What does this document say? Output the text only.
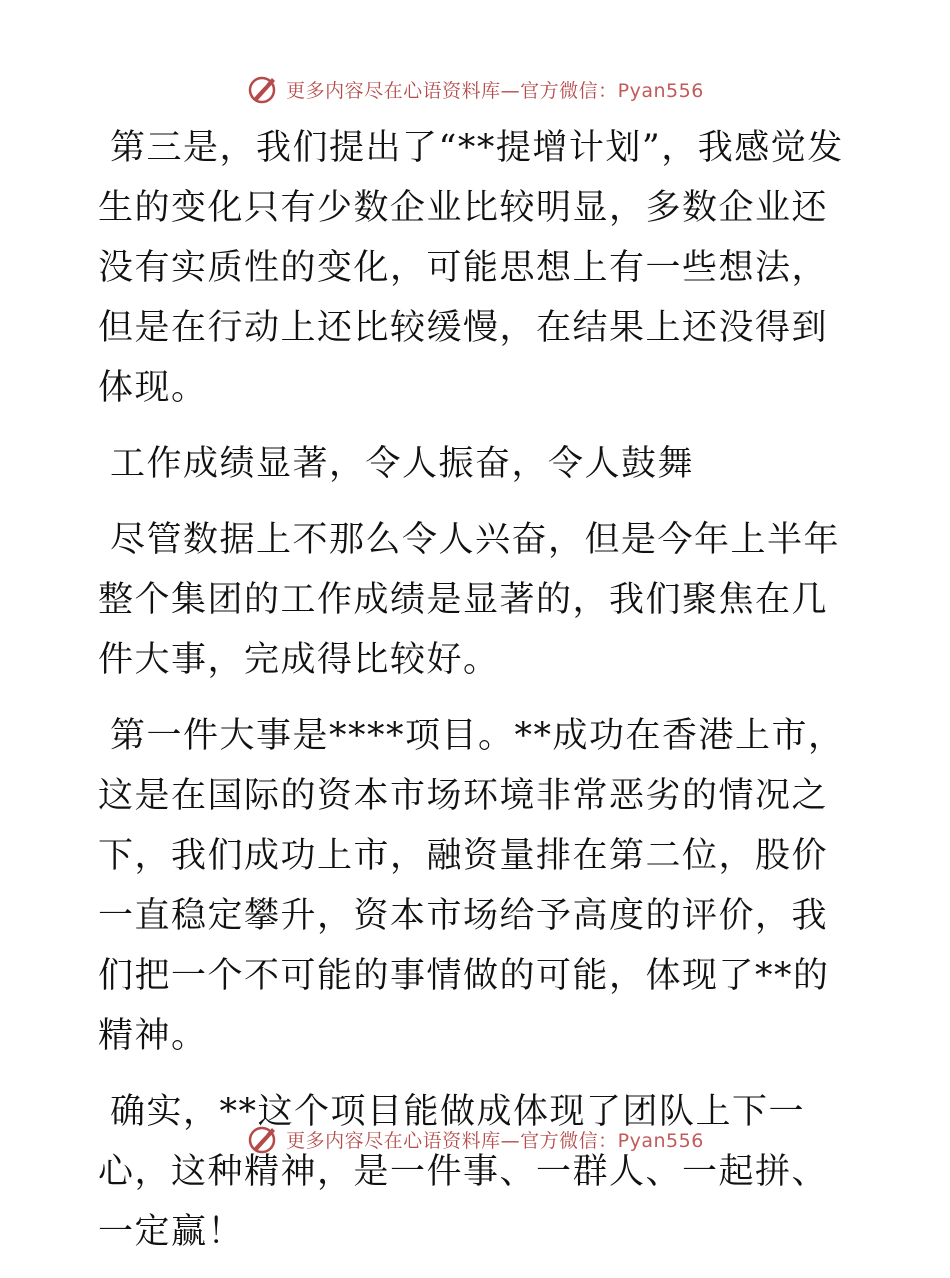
更多内容尽在心语资料库—官方微信：Pyan556

第三是，我们提出了“**提增计划”，我感觉发生的变化只有少数企业比较明显，多数企业还没有实质性的变化，可能思想上有一些想法，但是在行动上还比较缓慢，在结果上还没得到体现。

工作成绩显著，令人振奋，令人鼓舞

尽管数据上不那么令人兴奋，但是今年上半年整个集团的工作成绩是显著的，我们聚焦在几件大事，完成得比较好。

第一件大事是****项目。**成功在香港上市，这是在国际的资本市场环境非常恶劣的情况之下，我们成功上市，融资量排在第二位，股价一直稳定攀升，资本市场给予高度的评价，我们把一个不可能的事情做的可能，体现了**的精神。

确实，**这个项目能做成体现了团队上下一心，这种精神，是一件事、一群人、一起拼、一定赢！

更多内容尽在心语资料库—官方微信：Pyan556
